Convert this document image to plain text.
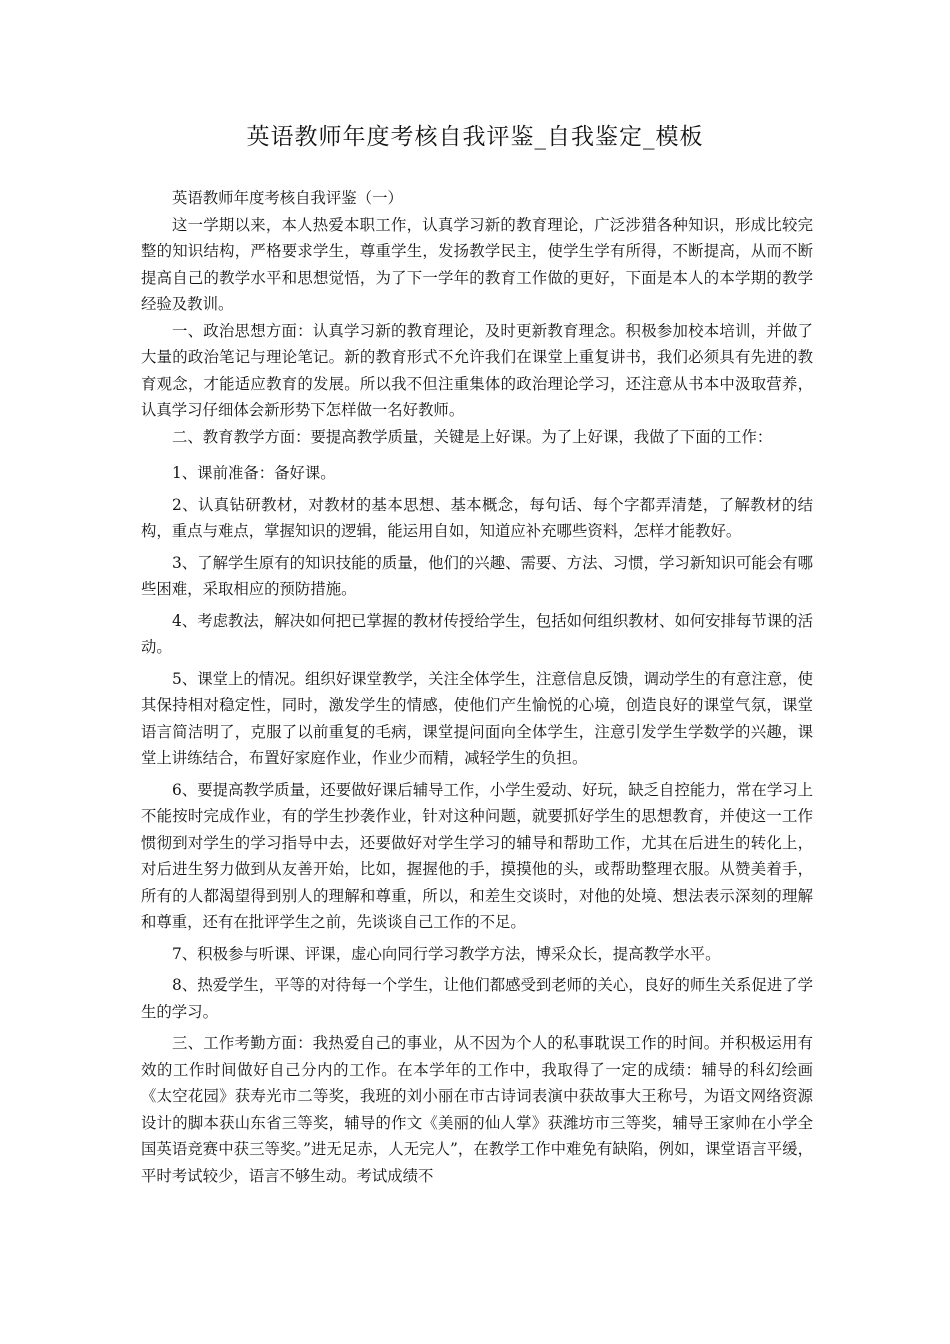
英语教师年度考核自我评鉴_自我鉴定_模板

英语教师年度考核自我评鉴（一）

这一学期以来，本人热爱本职工作，认真学习新的教育理论，广泛涉猎各种知识，形成比较完整的知识结构，严格要求学生，尊重学生，发扬教学民主，使学生学有所得，不断提高，从而不断提高自己的教学水平和思想觉悟，为了下一学年的教育工作做的更好，下面是本人的本学期的教学经验及教训。

一、政治思想方面：认真学习新的教育理论，及时更新教育理念。积极参加校本培训，并做了大量的政治笔记与理论笔记。新的教育形式不允许我们在课堂上重复讲书，我们必须具有先进的教育观念，才能适应教育的发展。所以我不但注重集体的政治理论学习，还注意从书本中汲取营养，认真学习仔细体会新形势下怎样做一名好教师。

二、教育教学方面：要提高教学质量，关键是上好课。为了上好课，我做了下面的工作：

1、课前准备：备好课。

2、认真钻研教材，对教材的基本思想、基本概念，每句话、每个字都弄清楚，了解教材的结构，重点与难点，掌握知识的逻辑，能运用自如，知道应补充哪些资料，怎样才能教好。

3、了解学生原有的知识技能的质量，他们的兴趣、需要、方法、习惯，学习新知识可能会有哪些困难，采取相应的预防措施。

4、考虑教法，解决如何把已掌握的教材传授给学生，包括如何组织教材、如何安排每节课的活动。

5、课堂上的情况。组织好课堂教学，关注全体学生，注意信息反馈，调动学生的有意注意，使其保持相对稳定性，同时，激发学生的情感，使他们产生愉悦的心境，创造良好的课堂气氛，课堂语言简洁明了，克服了以前重复的毛病，课堂提问面向全体学生，注意引发学生学数学的兴趣，课堂上讲练结合，布置好家庭作业，作业少而精，减轻学生的负担。

6、要提高教学质量，还要做好课后辅导工作，小学生爱动、好玩，缺乏自控能力，常在学习上不能按时完成作业，有的学生抄袭作业，针对这种问题，就要抓好学生的思想教育，并使这一工作惯彻到对学生的学习指导中去，还要做好对学生学习的辅导和帮助工作，尤其在后进生的转化上，对后进生努力做到从友善开始，比如，握握他的手，摸摸他的头，或帮助整理衣服。从赞美着手，所有的人都渴望得到别人的理解和尊重，所以，和差生交谈时，对他的处境、想法表示深刻的理解和尊重，还有在批评学生之前，先谈谈自己工作的不足。

7、积极参与听课、评课，虚心向同行学习教学方法，博采众长，提高教学水平。

8、热爱学生，平等的对待每一个学生，让他们都感受到老师的关心，良好的师生关系促进了学生的学习。

三、工作考勤方面：我热爱自己的事业，从不因为个人的私事耽误工作的时间。并积极运用有效的工作时间做好自己分内的工作。在本学年的工作中，我取得了一定的成绩：辅导的科幻绘画《太空花园》获寿光市二等奖，我班的刘小丽在市古诗词表演中获故事大王称号，为语文网络资源设计的脚本获山东省三等奖，辅导的作文《美丽的仙人掌》获潍坊市三等奖，辅导王家帅在小学全国英语竞赛中获三等奖。”进无足赤，人无完人”，在教学工作中难免有缺陷，例如，课堂语言平缓，平时考试较少，语言不够生动。考试成绩不
